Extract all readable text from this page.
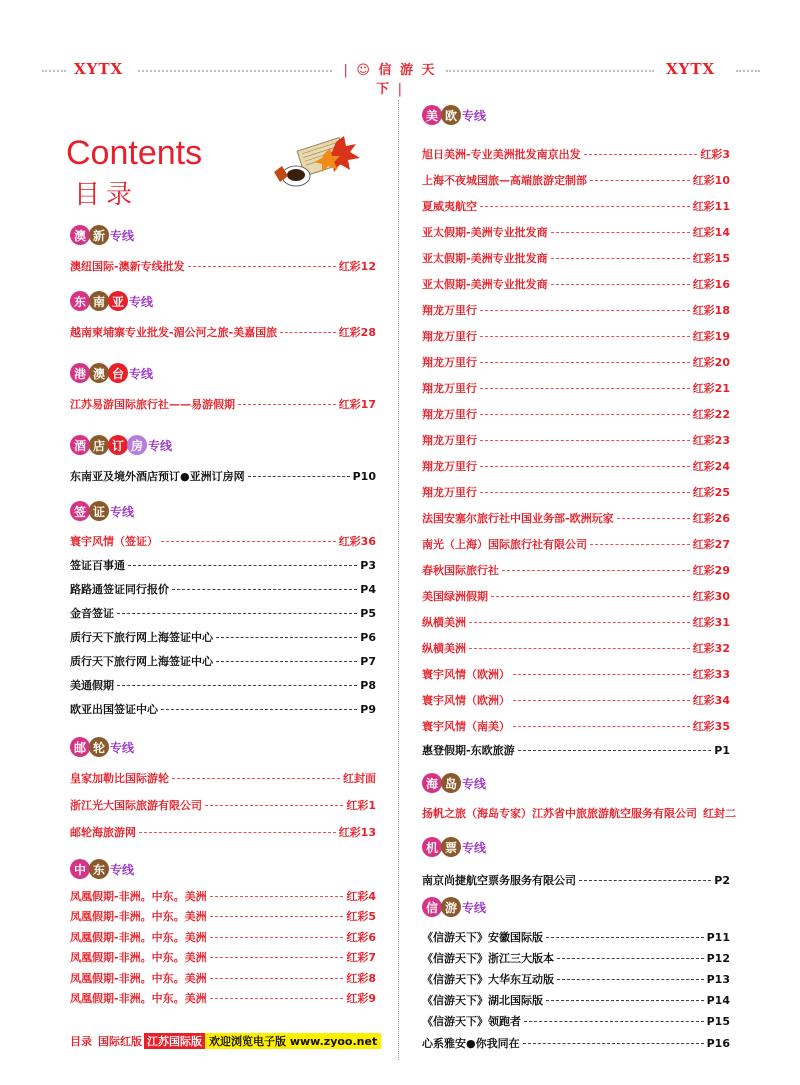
XYTX	| ☺ 信 游 天 下 |
XYTX
Contents
目录
澳 新 专线
澳纽国际-澳新专线批发	红彩12
东 南 亚 专线
越南柬埔寨专业批发-湄公河之旅-美嘉国旅	红彩28
港 澳 台 专线
江苏易游国际旅行社——易游假期	红彩17
酒 店 订 房 专线
东南亚及境外酒店预订●亚洲订房网	P10
签 证 专线
寰宇风情（签证）	红彩36
签证百事通	P3
路路通签证同行报价	P4
金音签证	P5
质行天下旅行网上海签证中心	P6
质行天下旅行网上海签证中心	P7
美通假期	P8
欧亚出国签证中心	P9
邮 轮 专线
皇家加勒比国际游轮	红封面
浙江光大国际旅游有限公司	红彩1
邮轮海旅游网	红彩13
中 东 专线
凤凰假期-非洲。中东。美洲	红彩4
凤凰假期-非洲。中东。美洲	红彩5
凤凰假期-非洲。中东。美洲	红彩6
凤凰假期-非洲。中东。美洲	红彩7
凤凰假期-非洲。中东。美洲	红彩8
凤凰假期-非洲。中东。美洲	红彩9
美 欧 专线
旭日美洲-专业美洲批发南京出发	红彩3
上海不夜城国旅—高端旅游定制部	红彩10
夏威夷航空	红彩11
亚太假期-美洲专业批发商	红彩14
亚太假期-美洲专业批发商	红彩15
亚太假期-美洲专业批发商	红彩16
翔龙万里行	红彩18
翔龙万里行	红彩19
翔龙万里行	红彩20
翔龙万里行	红彩21
翔龙万里行	红彩22
翔龙万里行	红彩23
翔龙万里行	红彩24
翔龙万里行	红彩25
法国安塞尔旅行社中国业务部-欧洲玩家	红彩26
南光（上海）国际旅行社有限公司	红彩27
春秋国际旅行社	红彩29
美国绿洲假期	红彩30
纵横美洲	红彩31
纵横美洲	红彩32
寰宇风情（欧洲）	红彩33
寰宇风情（欧洲）	红彩34
寰宇风情（南美）	红彩35
惠登假期-东欧旅游	P1
海 岛 专线
扬帆之旅（海岛专家）江苏省中旅旅游航空服务有限公司 红封二
机 票 专线
南京尚捷航空票务服务有限公司	P2
信 游 专线
《信游天下》安徽国际版	P11
《信游天下》浙江三大版本	P12
《信游天下》大华东互动版	P13
《信游天下》湖北国际版	P14
《信游天下》领跑者	P15
心系雅安●你我同在	P16
目录 国际红版 江苏国际版 欢迎浏览电子版 www.zyoo.net
